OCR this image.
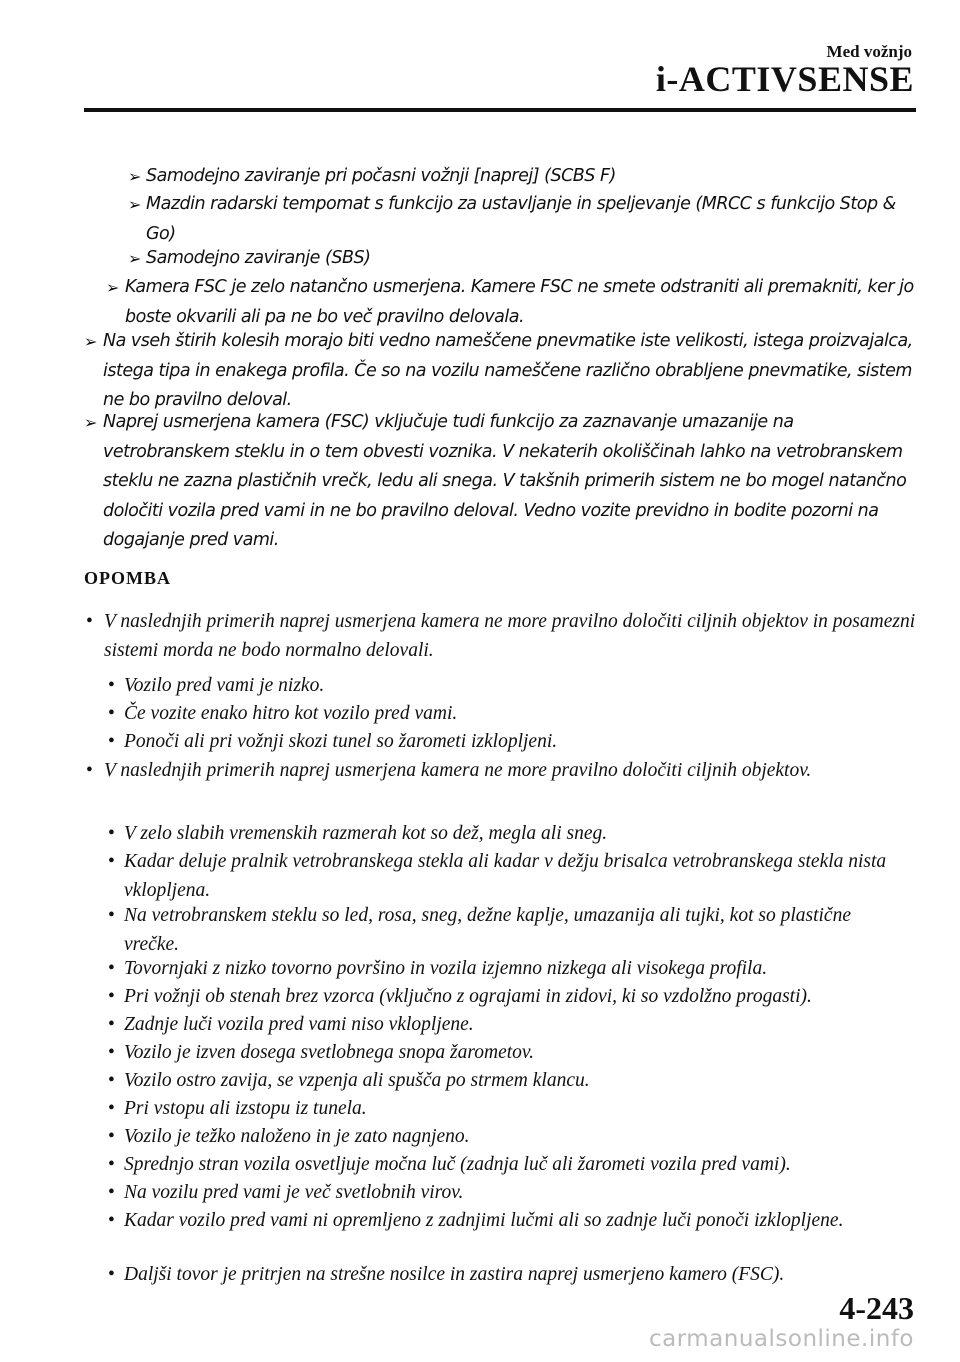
Med vožnjo
i-ACTIVSENSE
➢ Samodejno zaviranje pri počasni vožnji [naprej] (SCBS F)
➢ Mazdin radarski tempomat s funkcijo za ustavljanje in speljevanje (MRCC s funkcijo Stop & Go)
➢ Samodejno zaviranje (SBS)
➢ Kamera FSC je zelo natančno usmerjena. Kamere FSC ne smete odstraniti ali premakniti, ker jo boste okvarili ali pa ne bo več pravilno delovala.
➢ Na vseh štirih kolesih morajo biti vedno nameščene pnevmatike iste velikosti, istega proizvajalca, istega tipa in enakega profila. Če so na vozilu nameščene različno obrabljene pnevmatike, sistem ne bo pravilno deloval.
➢ Naprej usmerjena kamera (FSC) vključuje tudi funkcijo za zaznavanje umazanije na vetrobranskem steklu in o tem obvesti voznika. V nekaterih okoliščinah lahko na vetrobranskem steklu ne zazna plastičnih vrečk, ledu ali snega. V takšnih primerih sistem ne bo mogel natančno določiti vozila pred vami in ne bo pravilno deloval. Vedno vozite previdno in bodite pozorni na dogajanje pred vami.
OPOMBA
• V naslednjih primerih naprej usmerjena kamera ne more pravilno določiti ciljnih objektov in posamezni sistemi morda ne bodo normalno delovali.
• Vozilo pred vami je nizko.
• Če vozite enako hitro kot vozilo pred vami.
• Ponoči ali pri vožnji skozi tunel so žarometi izklopljeni.
• V naslednjih primerih naprej usmerjena kamera ne more pravilno določiti ciljnih objektov.
• V zelo slabih vremenskih razmerah kot so dež, megla ali sneg.
• Kadar deluje pralnik vetrobranskega stekla ali kadar v dežju brisalca vetrobranskega stekla nista vklopljena.
• Na vetrobranskem steklu so led, rosa, sneg, dežne kaplje, umazanija ali tujki, kot so plastične vrečke.
• Tovornjaki z nizko tovorno površino in vozila izjemno nizkega ali visokega profila.
• Pri vožnji ob stenah brez vzorca (vključno z ograjami in zidovi, ki so vzdolžno progasti).
• Zadnje luči vozila pred vami niso vklopljene.
• Vozilo je izven dosega svetlobnega snopa žarometov.
• Vozilo ostro zavija, se vzpenja ali spušča po strmem klancu.
• Pri vstopu ali izstopu iz tunela.
• Vozilo je težko naloženo in je zato nagnjeno.
• Sprednjo stran vozila osvetljuje močna luč (zadnja luč ali žarometi vozila pred vami).
• Na vozilu pred vami je več svetlobnih virov.
• Kadar vozilo pred vami ni opremljeno z zadnjimi lučmi ali so zadnje luči ponoči izklopljene.
• Daljši tovor je pritrjen na strešne nosilce in zastira naprej usmerjeno kamero (FSC).
4-243
carmanualsonline.info
